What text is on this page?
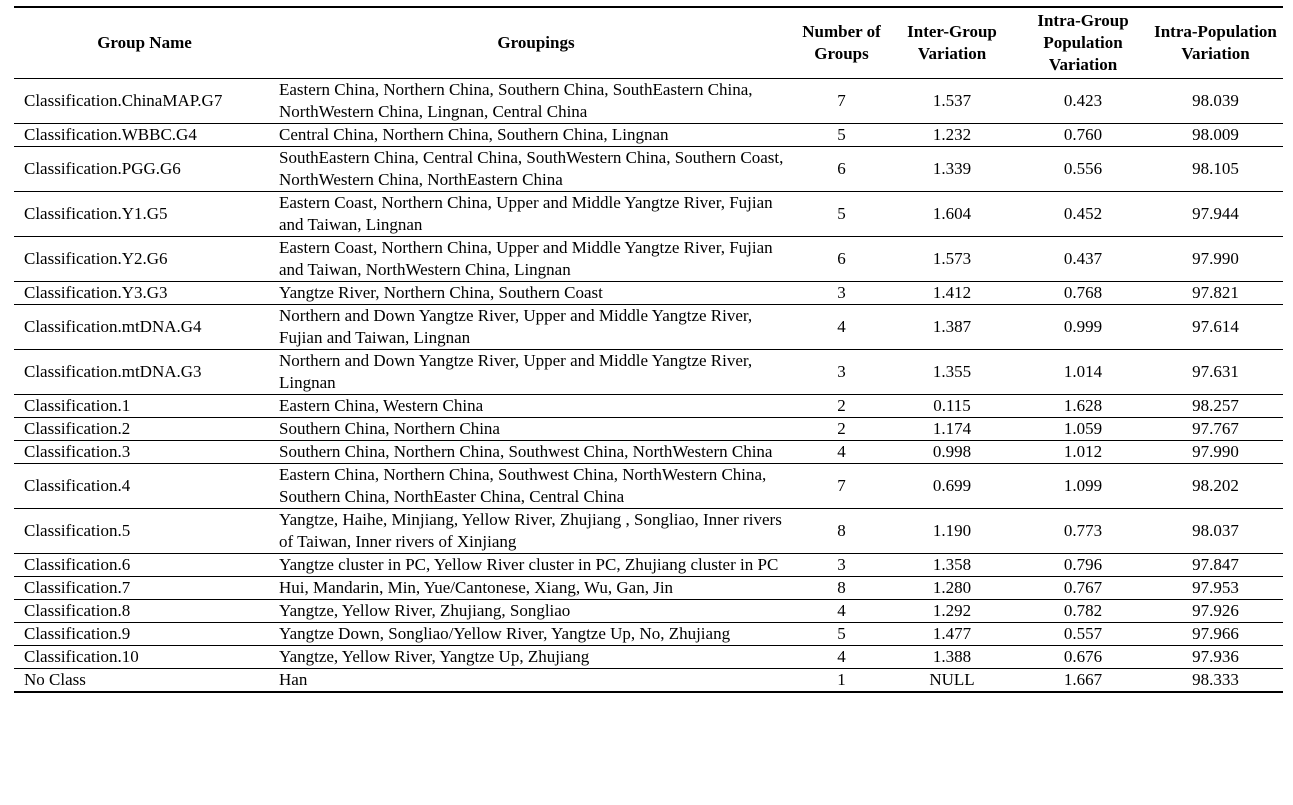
Group Name	Groupings	Number of Groups	Inter-Group Variation	Intra-Group Population Variation	Intra-Population Variation
Classification.ChinaMAP.G7	Eastern China, Northern China, Southern China, SouthEastern China, NorthWestern China, Lingnan, Central China	7	1.537	0.423	98.039
Classification.WBBC.G4	Central China, Northern China, Southern China, Lingnan	5	1.232	0.760	98.009
Classification.PGG.G6	SouthEastern China, Central China, SouthWestern China, Southern Coast, NorthWestern China, NorthEastern China	6	1.339	0.556	98.105
Classification.Y1.G5	Eastern Coast, Northern China, Upper and Middle Yangtze River, Fujian and Taiwan, Lingnan	5	1.604	0.452	97.944
Classification.Y2.G6	Eastern Coast, Northern China, Upper and Middle Yangtze River, Fujian and Taiwan, NorthWestern China, Lingnan	6	1.573	0.437	97.990
Classification.Y3.G3	Yangtze River, Northern China, Southern Coast	3	1.412	0.768	97.821
Classification.mtDNA.G4	Northern and Down Yangtze River, Upper and Middle Yangtze River, Fujian and Taiwan, Lingnan	4	1.387	0.999	97.614
Classification.mtDNA.G3	Northern and Down Yangtze River, Upper and Middle Yangtze River, Lingnan	3	1.355	1.014	97.631
Classification.1	Eastern China, Western China	2	0.115	1.628	98.257
Classification.2	Southern China, Northern China	2	1.174	1.059	97.767
Classification.3	Southern China, Northern China, Southwest China, NorthWestern China	4	0.998	1.012	97.990
Classification.4	Eastern China, Northern China, Southwest China, NorthWestern China, Southern China, NorthEaster China, Central China	7	0.699	1.099	98.202
Classification.5	Yangtze, Haihe, Minjiang, Yellow River, Zhujiang , Songliao, Inner rivers of Taiwan, Inner rivers of Xinjiang	8	1.190	0.773	98.037
Classification.6	Yangtze cluster in PC, Yellow River cluster in PC, Zhujiang cluster in PC	3	1.358	0.796	97.847
Classification.7	Hui, Mandarin, Min, Yue/Cantonese, Xiang, Wu, Gan, Jin	8	1.280	0.767	97.953
Classification.8	Yangtze, Yellow River, Zhujiang, Songliao	4	1.292	0.782	97.926
Classification.9	Yangtze Down, Songliao/Yellow River, Yangtze Up, No, Zhujiang	5	1.477	0.557	97.966
Classification.10	Yangtze, Yellow River, Yangtze Up, Zhujiang	4	1.388	0.676	97.936
No Class	Han	1	NULL	1.667	98.333
